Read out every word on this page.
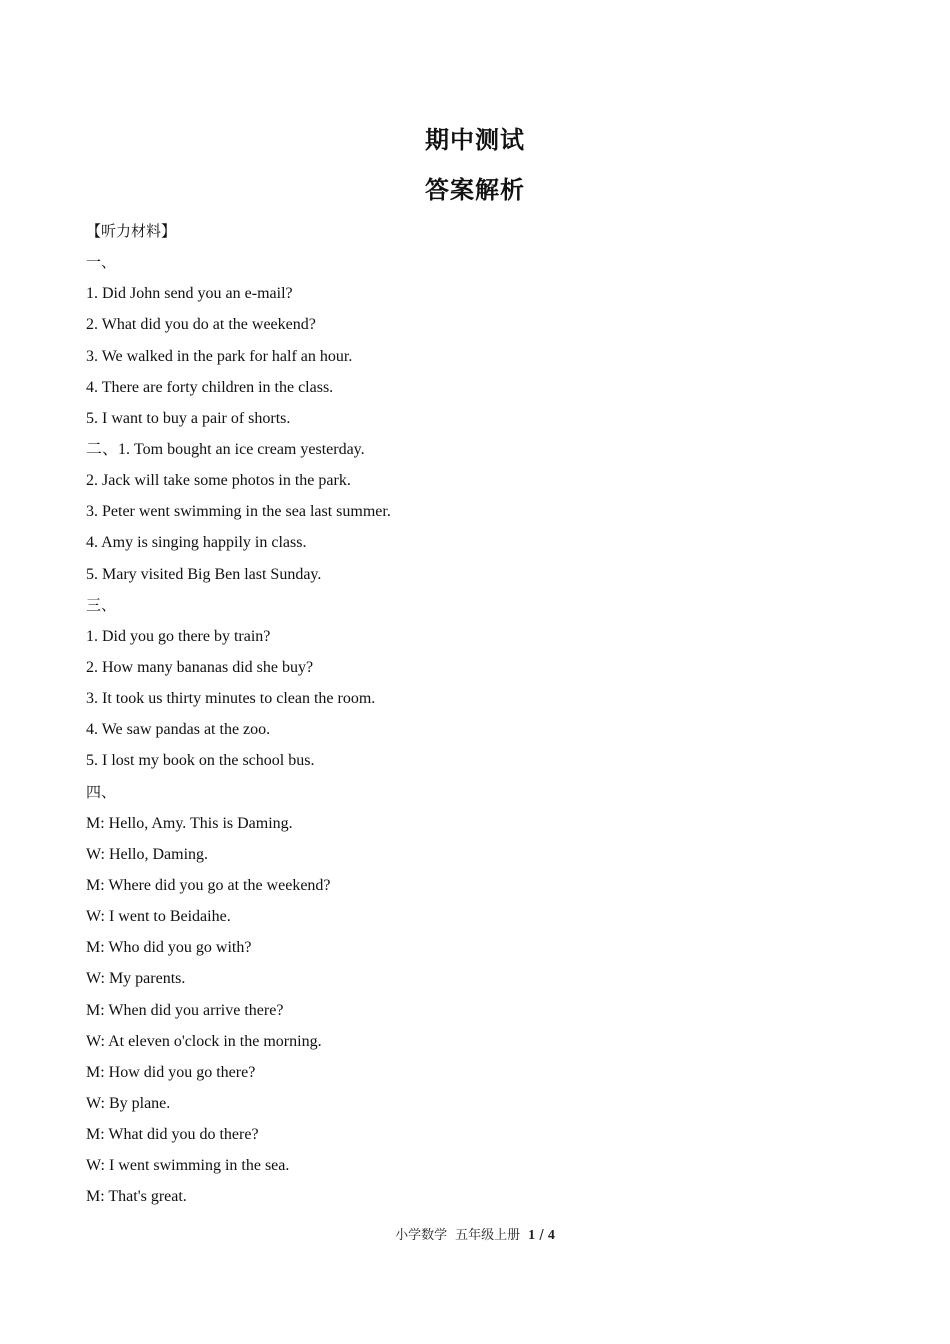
期中测试
答案解析
【听力材料】
一、
1. Did John send you an e‐mail?
2. What did you do at the weekend?
3. We walked in the park for half an hour.
4. There are forty children in the class.
5. I want to buy a pair of shorts.
二、1. Tom bought an ice cream yesterday.
2. Jack will take some photos in the park.
3. Peter went swimming in the sea last summer.
4. Amy is singing happily in class.
5. Mary visited Big Ben last Sunday.
三、
1. Did you go there by train?
2. How many bananas did she buy?
3. It took us thirty minutes to clean the room.
4. We saw pandas at the zoo.
5. I lost my book on the school bus.
四、
M: Hello, Amy. This is Daming.
W: Hello, Daming.
M: Where did you go at the weekend?
W: I went to Beidaihe.
M: Who did you go with?
W: My parents.
M: When did you arrive there?
W: At eleven o'clock in the morning.
M: How did you go there?
W: By plane.
M: What did you do there?
W: I went swimming in the sea.
M: That's great.
小学数学 五年级上册 1 / 4
